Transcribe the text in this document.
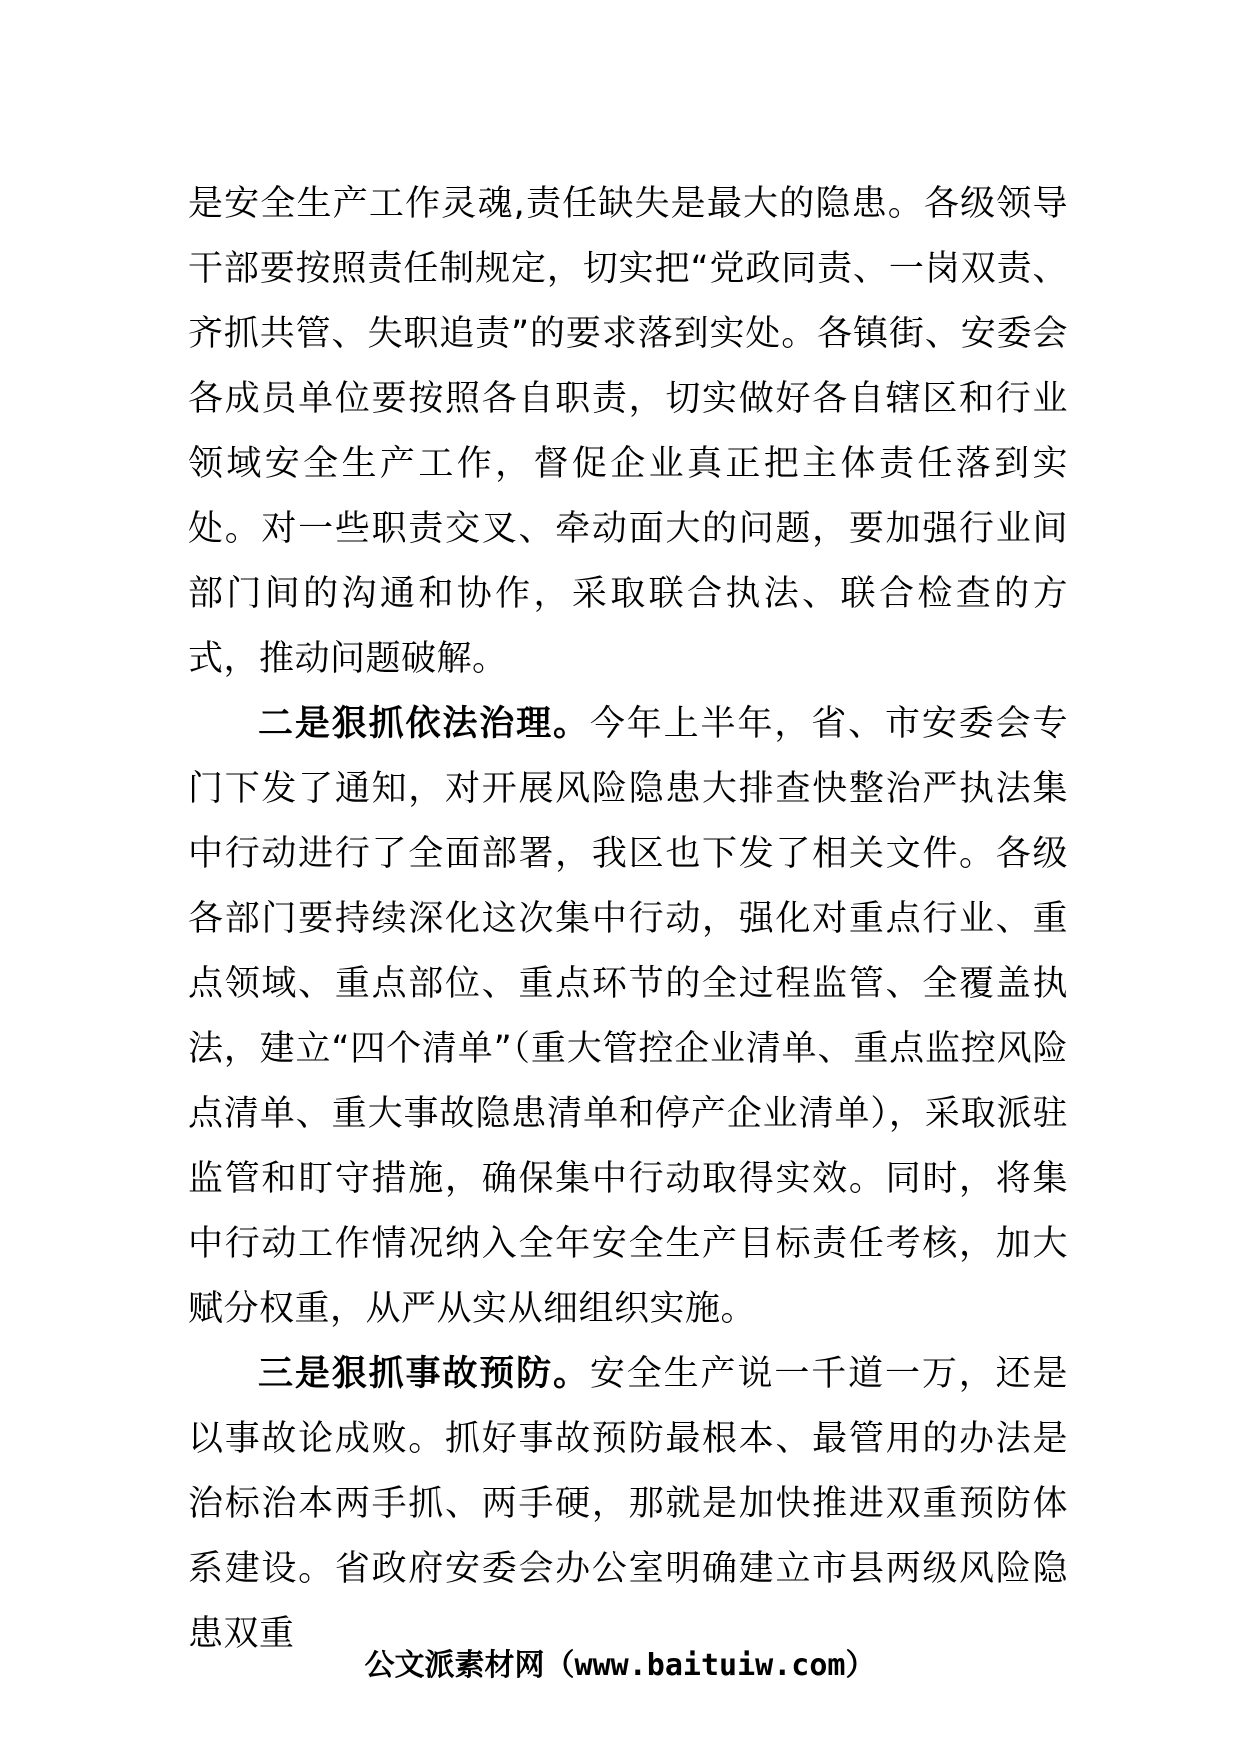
是安全生产工作灵魂,责任缺失是最大的隐患。各级领导干部要按照责任制规定，切实把“党政同责、一岗双责、齐抓共管、失职追责”的要求落到实处。各镇街、安委会各成员单位要按照各自职责，切实做好各自辖区和行业领域安全生产工作，督促企业真正把主体责任落到实处。对一些职责交叉、牵动面大的问题，要加强行业间部门间的沟通和协作，采取联合执法、联合检查的方式，推动问题破解。

二是狠抓依法治理。今年上半年，省、市安委会专门下发了通知，对开展风险隐患大排查快整治严执法集中行动进行了全面部署，我区也下发了相关文件。各级各部门要持续深化这次集中行动，强化对重点行业、重点领域、重点部位、重点环节的全过程监管、全覆盖执法，建立“四个清单”（重大管控企业清单、重点监控风险点清单、重大事故隐患清单和停产企业清单），采取派驻监管和盯守措施，确保集中行动取得实效。同时，将集中行动工作情况纳入全年安全生产目标责任考核，加大赋分权重，从严从实从细组织实施。

三是狠抓事故预防。安全生产说一千道一万，还是以事故论成败。抓好事故预防最根本、最管用的办法是治标治本两手抓、两手硬，那就是加快推进双重预防体系建设。省政府安委会办公室明确建立市县两级风险隐患双重

公文派素材网（www.baituiw.com）
